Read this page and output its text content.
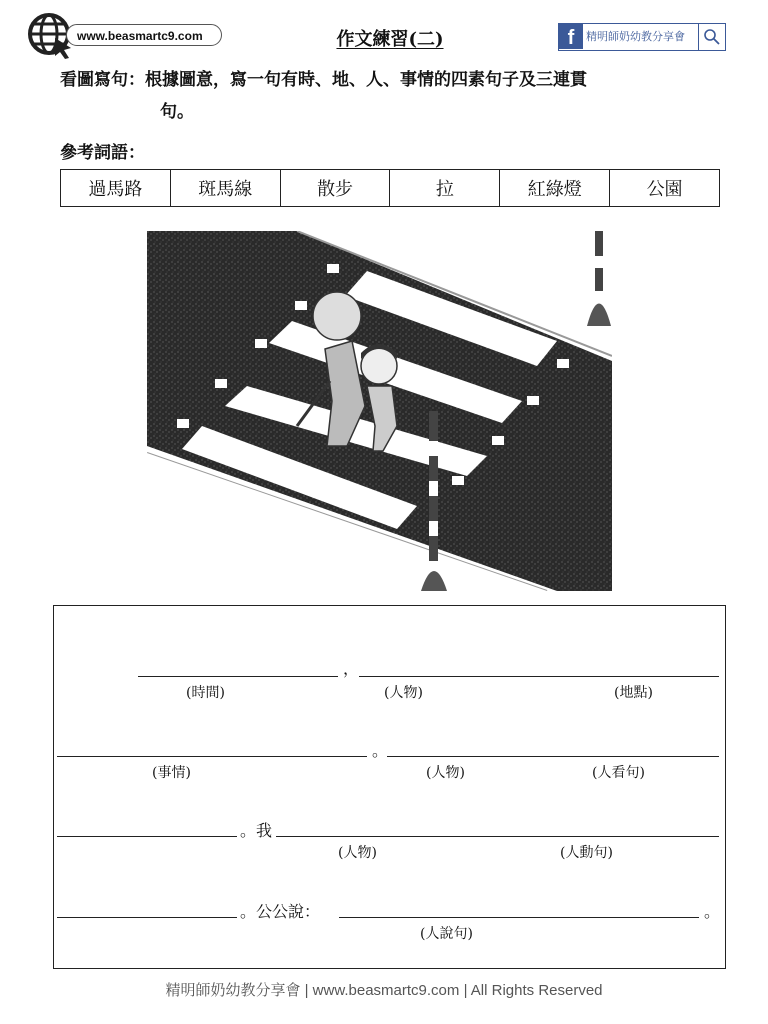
www.beasmartc9.com	作文練習(二)	f	精明師奶幼教分享會
看圖寫句：根據圖意，寫一句有時、地、人、事情的四素句子及三連貫
句。
參考詞語：
過馬路	斑馬線	散步	拉	紅綠燈	公園
，
(時間)	(人物)	(地點)
。
(事情)	(人物)	(人看句)
。我
(人物)	(人動句)
。公公說：	。
(人說句)
精明師奶幼教分享會 | www.beasmartc9.com | All Rights Reserved
